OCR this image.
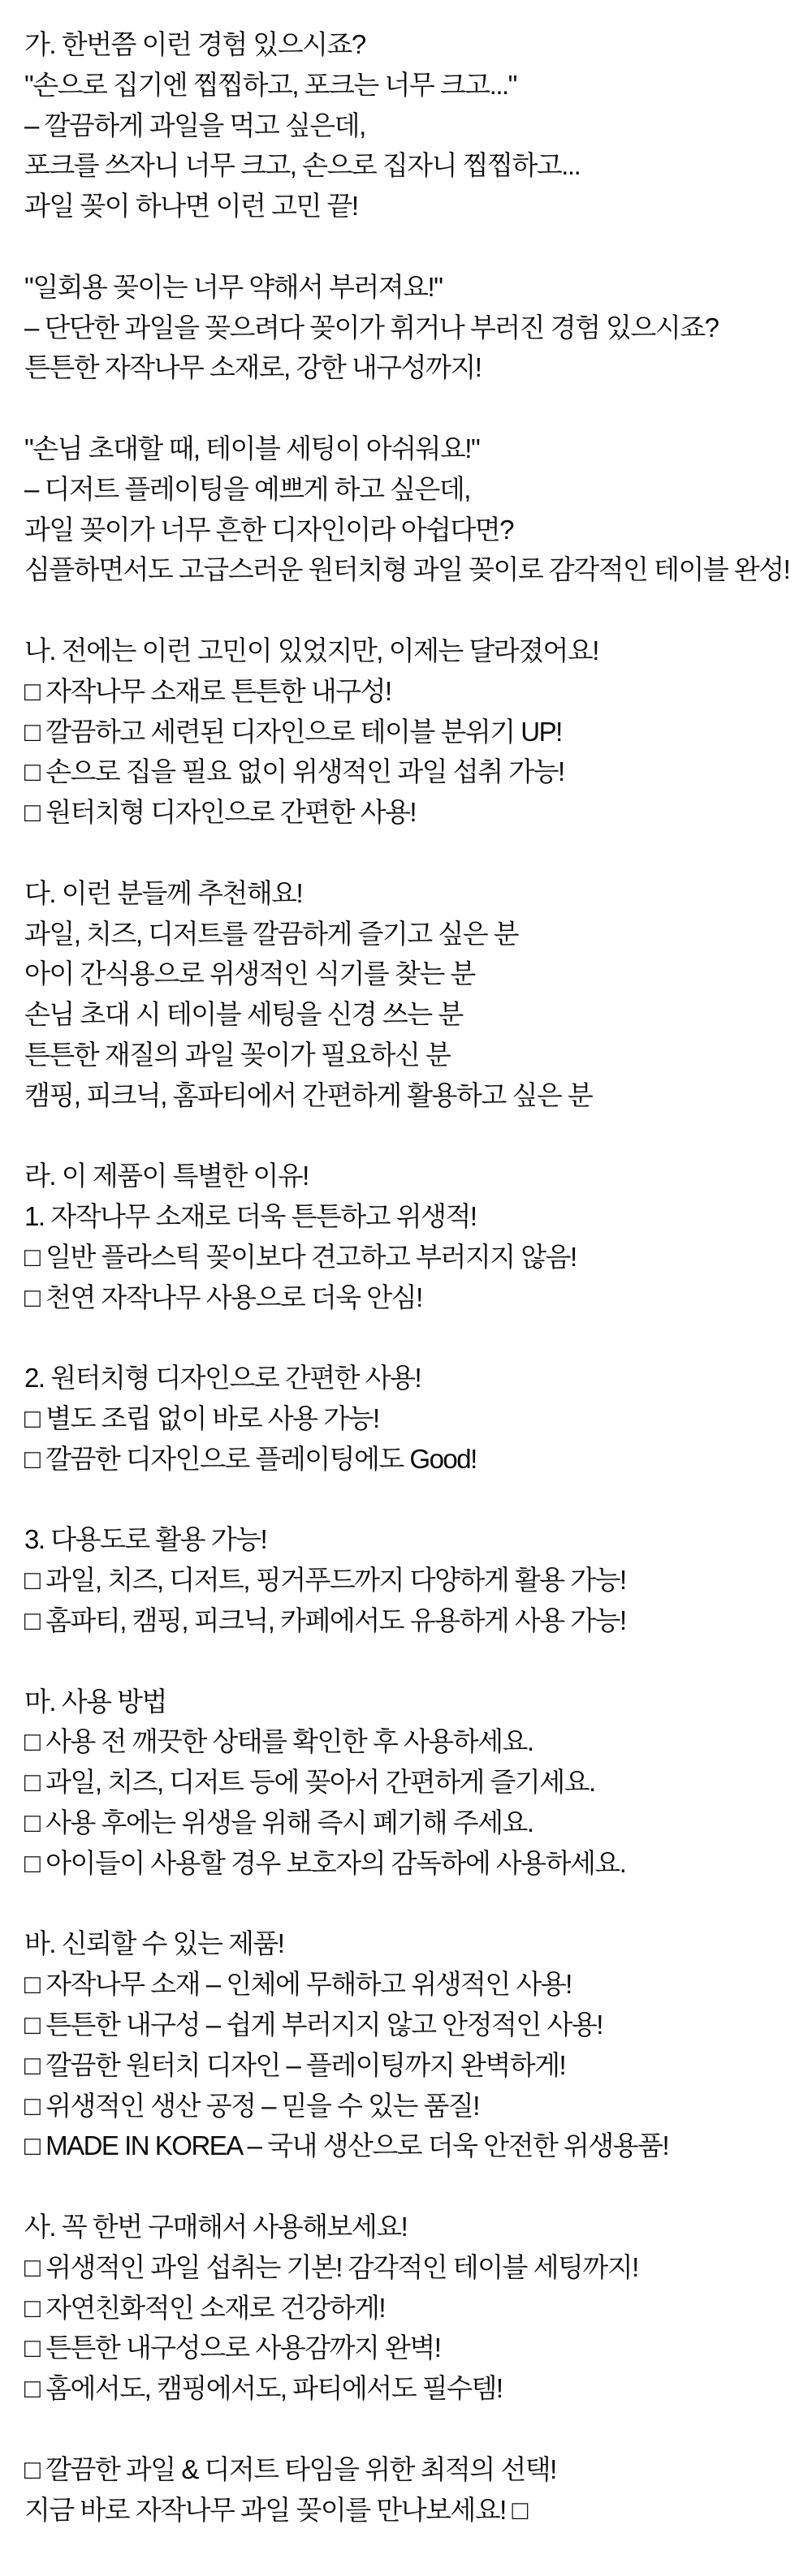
가. 한번쯤 이런 경험 있으시죠?

"손으로 집기엔 찝찝하고, 포크는 너무 크고..."

– 깔끔하게 과일을 먹고 싶은데,

포크를 쓰자니 너무 크고, 손으로 집자니 찝찝하고...

과일 꽂이 하나면 이런 고민 끝!

"일회용 꽂이는 너무 약해서 부러져요!"

– 단단한 과일을 꽂으려다 꽂이가 휘거나 부러진 경험 있으시죠?

튼튼한 자작나무 소재로, 강한 내구성까지!

"손님 초대할 때, 테이블 세팅이 아쉬워요!"

– 디저트 플레이팅을 예쁘게 하고 싶은데,

과일 꽂이가 너무 흔한 디자인이라 아쉽다면?

심플하면서도 고급스러운 원터치형 과일 꽂이로 감각적인 테이블 완성!

나. 전에는 이런 고민이 있었지만, 이제는 달라졌어요!

□ 자작나무 소재로 튼튼한 내구성!

□ 깔끔하고 세련된 디자인으로 테이블 분위기 UP!

□ 손으로 집을 필요 없이 위생적인 과일 섭취 가능!

□ 원터치형 디자인으로 간편한 사용!

다. 이런 분들께 추천해요!

과일, 치즈, 디저트를 깔끔하게 즐기고 싶은 분

아이 간식용으로 위생적인 식기를 찾는 분

손님 초대 시 테이블 세팅을 신경 쓰는 분

튼튼한 재질의 과일 꽂이가 필요하신 분

캠핑, 피크닉, 홈파티에서 간편하게 활용하고 싶은 분

라. 이 제품이 특별한 이유!

1. 자작나무 소재로 더욱 튼튼하고 위생적!

□ 일반 플라스틱 꽂이보다 견고하고 부러지지 않음!

□ 천연 자작나무 사용으로 더욱 안심!

2. 원터치형 디자인으로 간편한 사용!

□ 별도 조립 없이 바로 사용 가능!

□ 깔끔한 디자인으로 플레이팅에도 Good!

3. 다용도로 활용 가능!

□ 과일, 치즈, 디저트, 핑거푸드까지 다양하게 활용 가능!

□ 홈파티, 캠핑, 피크닉, 카페에서도 유용하게 사용 가능!

마. 사용 방법

□ 사용 전 깨끗한 상태를 확인한 후 사용하세요.

□ 과일, 치즈, 디저트 등에 꽂아서 간편하게 즐기세요.

□ 사용 후에는 위생을 위해 즉시 폐기해 주세요.

□ 아이들이 사용할 경우 보호자의 감독하에 사용하세요.

바. 신뢰할 수 있는 제품!

□ 자작나무 소재 – 인체에 무해하고 위생적인 사용!

□ 튼튼한 내구성 – 쉽게 부러지지 않고 안정적인 사용!

□ 깔끔한 원터치 디자인 – 플레이팅까지 완벽하게!

□ 위생적인 생산 공정 – 믿을 수 있는 품질!

□ MADE IN KOREA – 국내 생산으로 더욱 안전한 위생용품!

사. 꼭 한번 구매해서 사용해보세요!

□ 위생적인 과일 섭취는 기본! 감각적인 테이블 세팅까지!

□ 자연친화적인 소재로 건강하게!

□ 튼튼한 내구성으로 사용감까지 완벽!

□ 홈에서도, 캠핑에서도, 파티에서도 필수템!

□ 깔끔한 과일 & 디저트 타임을 위한 최적의 선택!

지금 바로 자작나무 과일 꽂이를 만나보세요! □
